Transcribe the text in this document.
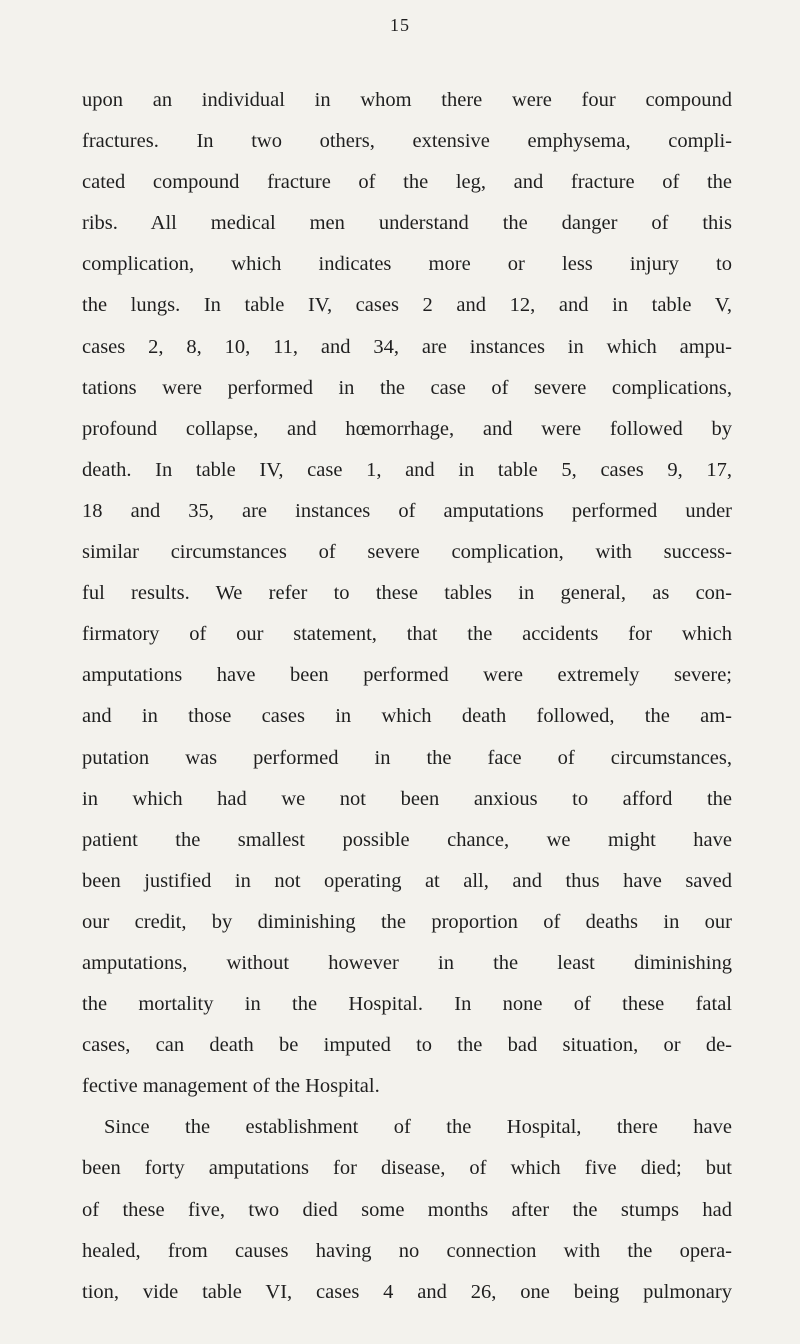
15
upon an individual in whom there were four compound
fractures. In two others, extensive emphysema, compli-
cated compound fracture of the leg, and fracture of the
ribs. All medical men understand the danger of this
complication, which indicates more or less injury to
the lungs. In table IV, cases 2 and 12, and in table V,
cases 2, 8, 10, 11, and 34, are instances in which ampu-
tations were performed in the case of severe complications,
profound collapse, and hœmorrhage, and were followed by
death. In table IV, case 1, and in table 5, cases 9, 17,
18 and 35, are instances of amputations performed under
similar circumstances of severe complication, with success-
ful results. We refer to these tables in general, as con-
firmatory of our statement, that the accidents for which
amputations have been performed were extremely severe;
and in those cases in which death followed, the am-
putation was performed in the face of circumstances,
in which had we not been anxious to afford the
patient the smallest possible chance, we might have
been justified in not operating at all, and thus have saved
our credit, by diminishing the proportion of deaths in our
amputations, without however in the least diminishing
the mortality in the Hospital. In none of these fatal
cases, can death be imputed to the bad situation, or de-
fective management of the Hospital.
Since the establishment of the Hospital, there have
been forty amputations for disease, of which five died; but
of these five, two died some months after the stumps had
healed, from causes having no connection with the opera-
tion, vide table VI, cases 4 and 26, one being pulmonary
